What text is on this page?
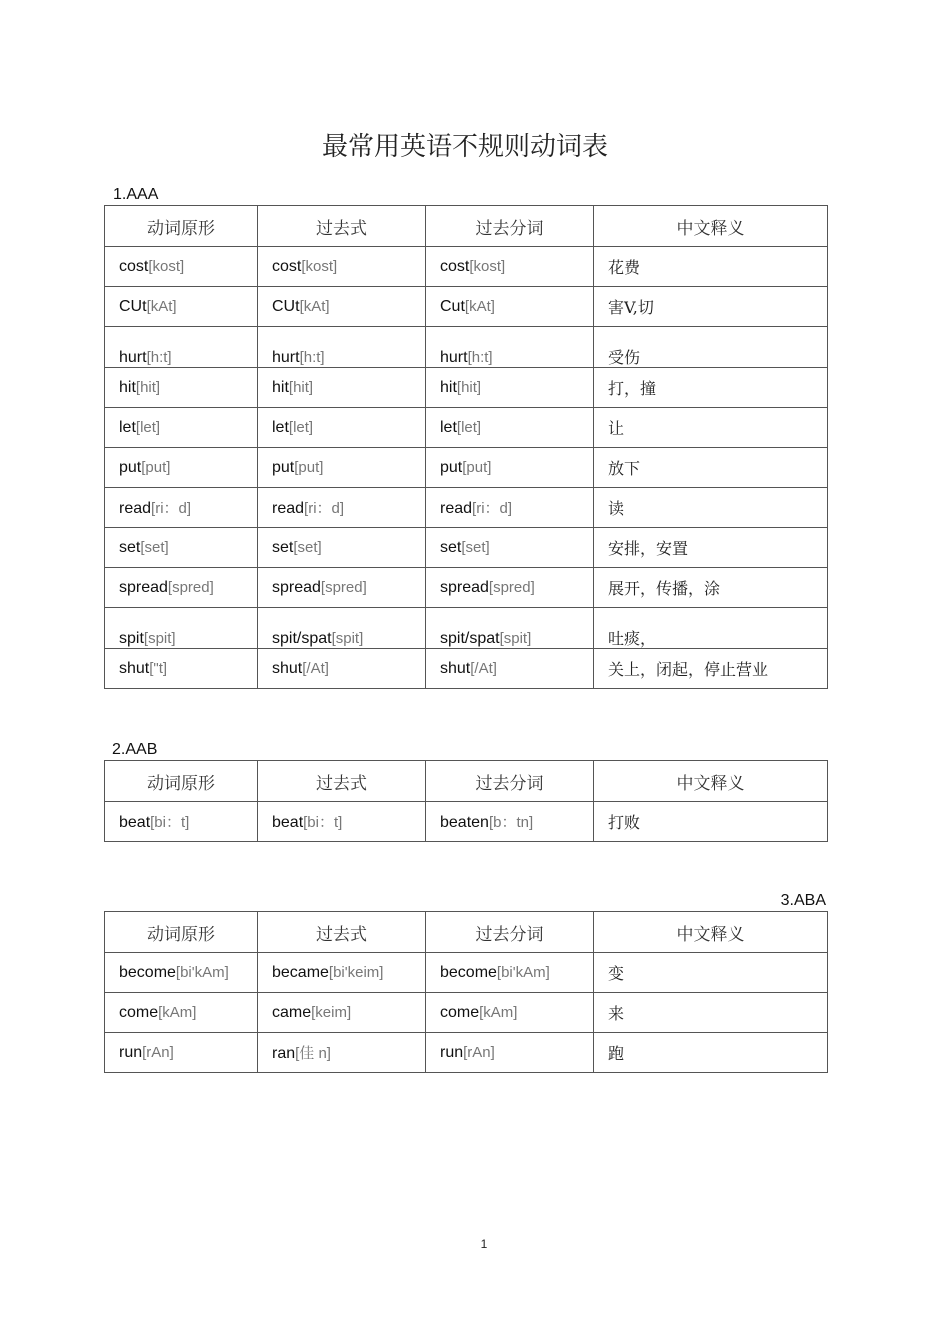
最常用英语不规则动词表
1.AAA
动词原形	过去式	过去分词	中文释义
cost[kost]	cost[kost]	cost[kost]	花费
CUt[kAt]	CUt[kAt]	Cut[kAt]	害V,切
hurt[h:t]	hurt[h:t]	hurt[h:t]	受伤
hit[hit]	hit[hit]	hit[hit]	打，撞
let[let]	let[let]	let[let]	让
put[put]	put[put]	put[put]	放下
read[ri：d]	read[ri：d]	read[ri：d]	读
set[set]	set[set]	set[set]	安排，安置
spread[spred]	spread[spred]	spread[spred]	展开，传播，涂
spit[spit]	spit/spat[spit]	spit/spat[spit]	吐痰，
shut["t]	shut[/At]	shut[/At]	关上，闭起，停止营业
2.AAB
动词原形	过去式	过去分词	中文释义
beat[bi：t]	beat[bi：t]	beaten[b：tn]	打败
3.ABA
动词原形	过去式	过去分词	中文释义
become[bi'kAm]	became[bi'keim]	become[bi'kAm]	变
come[kAm]	came[keim]	come[kAm]	来
run[rAn]	ran[佳 n]	run[rAn]	跑
1
